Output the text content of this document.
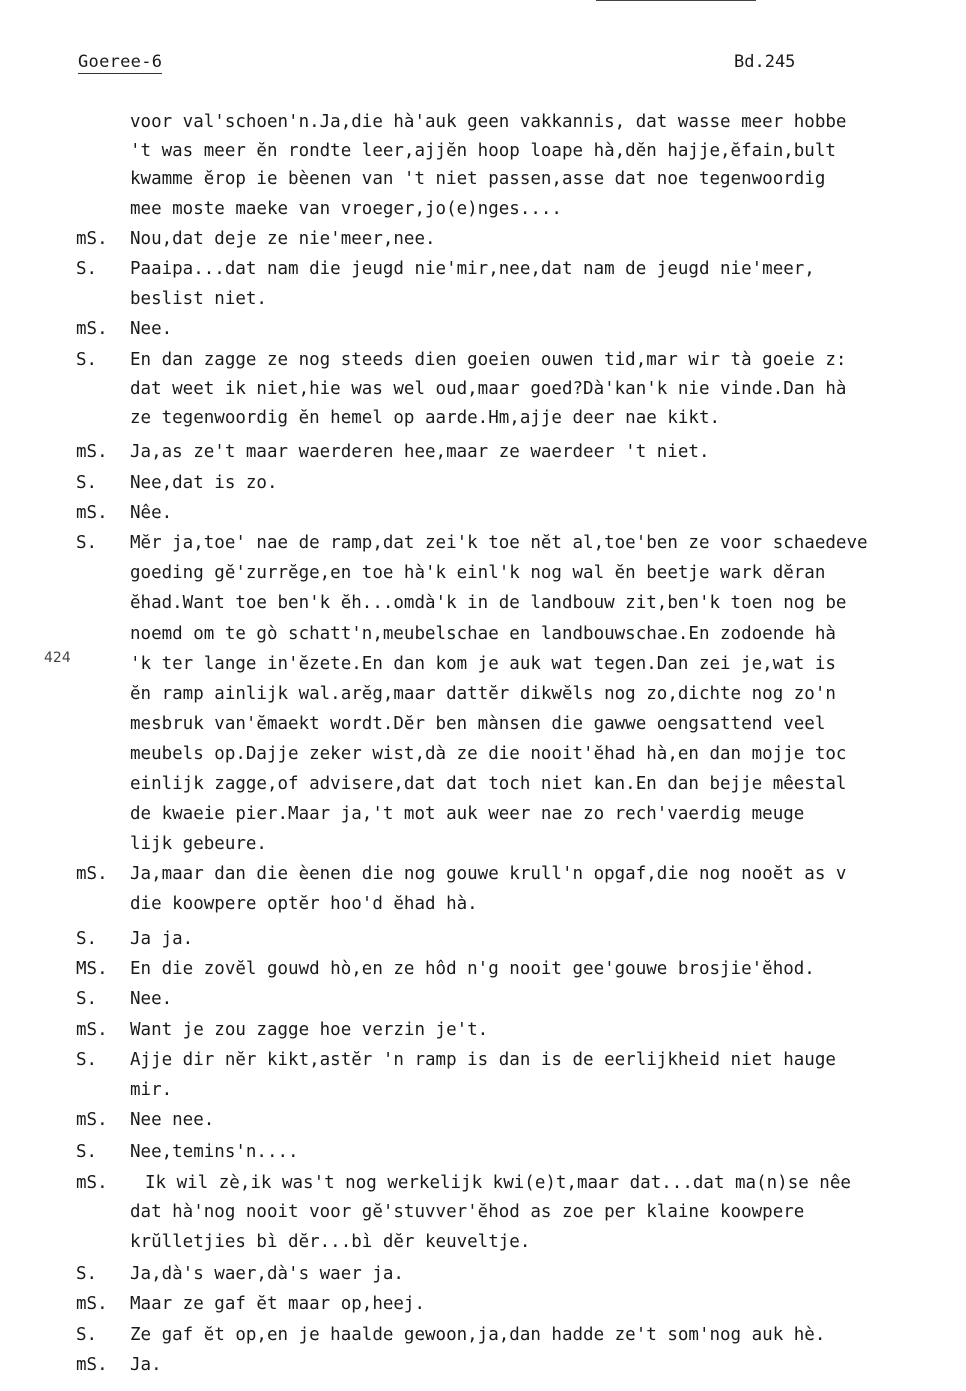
Goeree-6	Bd.245
424
voor val'schoen'n.Ja,die hà'auk geen vakkannis, dat wasse meer hobbe
't was meer ĕn rondte leer,ajjĕn hoop loape hà,dĕn hajje,ĕfain,bult
kwamme ĕrop ie bèenen van 't niet passen,asse dat noe tegenwoordig
mee moste maeke van vroeger,jo(e)nges....
mS.	Nou,dat deje ze nie'meer,nee.
S.	Paaipa...dat nam die jeugd nie'mir,nee,dat nam de jeugd nie'meer,
beslist niet.
mS.	Nee.
S.	En dan zagge ze nog steeds dien goeien ouwen tid,mar wir tà goeie z:
dat weet ik niet,hie was wel oud,maar goed?Dà'kan'k nie vinde.Dan hà
ze tegenwoordig ĕn hemel op aarde.Hm,ajje deer nae kikt.
mS.	Ja,as ze't maar waerderen hee,maar ze waerdeer 't niet.
S.	Nee,dat is zo.
mS.	Nêe.
S.	Mĕr ja,toe' nae de ramp,dat zei'k toe nĕt al,toe'ben ze voor schaedeve
goeding gĕ'zurrĕge,en toe hà'k einl'k nog wal ĕn beetje wark dĕran
ĕhad.Want toe ben'k ĕh...omdà'k in de landbouw zit,ben'k toen nog be
noemd om te gò schatt'n,meubelschae en landbouwschae.En zodoende hà
'k ter lange in'ĕzete.En dan kom je auk wat tegen.Dan zei je,wat is
ĕn ramp ainlijk wal.arĕg,maar dattĕr dikwĕls nog zo,dichte nog zo'n
mesbruk van'ĕmaekt wordt.Dĕr ben mànsen die gawwe oengsattend veel
meubels op.Dajje zeker wist,dà ze die nooit'ĕhad hà,en dan mojje toc
einlijk zagge,of advisere,dat dat toch niet kan.En dan bejje mêestal
de kwaeie pier.Maar ja,'t mot auk weer nae zo rech'vaerdig meuge
lijk gebeure.
mS.	Ja,maar dan die èenen die nog gouwe krull'n opgaf,die nog nooĕt as v
die koowpere optĕr hoo'd ĕhad hà.
S.	Ja ja.
MS.	En die zovĕl gouwd hò,en ze hôd n'g nooit gee'gouwe brosjie'ĕhod.
S.	Nee.
mS.	Want je zou zagge hoe verzin je't.
S.	Ajje dir nĕr kikt,astĕr 'n ramp is dan is de eerlijkheid niet hauge
mir.
mS.	Nee nee.
S.	Nee,temins'n....
mS.	Ik wil zè,ik was't nog werkelijk kwi(e)t,maar dat...dat ma(n)se nêe
dat hà'nog nooit voor gĕ'stuvver'ĕhod as zoe per klaine koowpere
krŭlletjies bì dĕr...bì dĕr keuveltje.
S.	Ja,dà's waer,dà's waer ja.
mS.	Maar ze gaf ĕt maar op,heej.
S.	Ze gaf ĕt op,en je haalde gewoon,ja,dan hadde ze't som'nog auk hè.
mS.	Ja.
